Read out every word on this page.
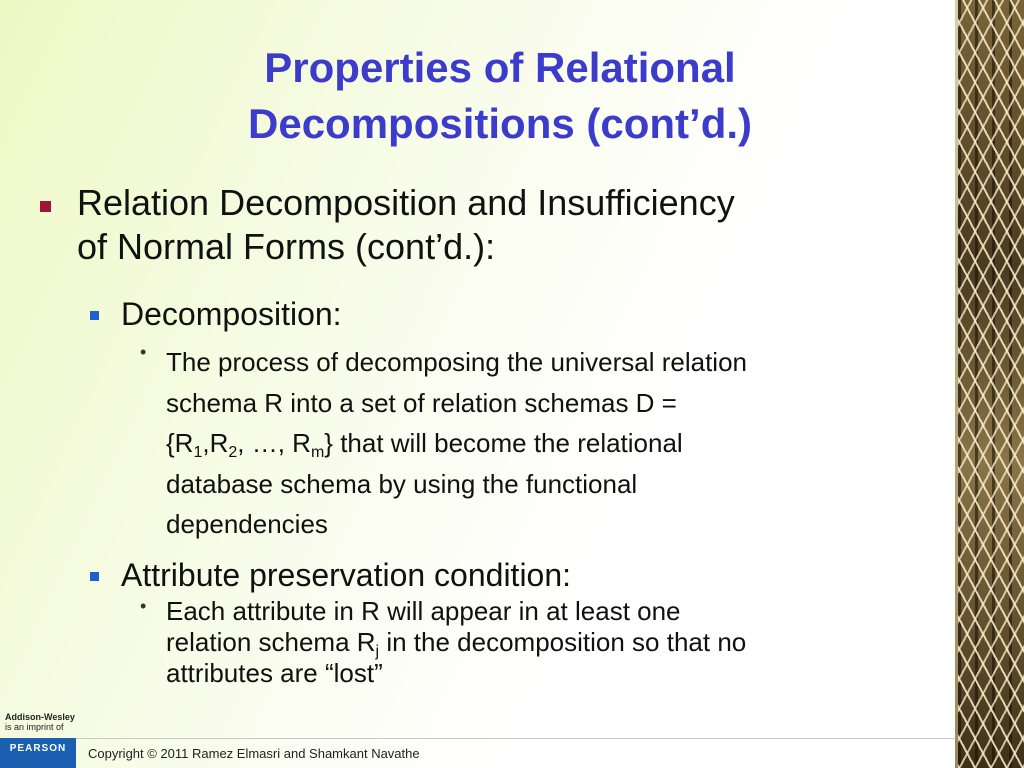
Properties of Relational
Decompositions (cont’d.)
Relation Decomposition and Insufficiency
of Normal Forms (cont’d.):
Decomposition:
• The process of decomposing the universal relation
schema R into a set of relation schemas D =
{$R_1,R_2$, …, $R_m$} that will become the relational
database schema by using the functional
dependencies
Attribute preservation condition:
• Each attribute in R will appear in at least one
relation schema $R_j$ in the decomposition so that no
attributes are “lost”
Addison-Wesley
is an imprint of
PEARSON Copyright © 2011 Ramez Elmasri and Shamkant Navathe
